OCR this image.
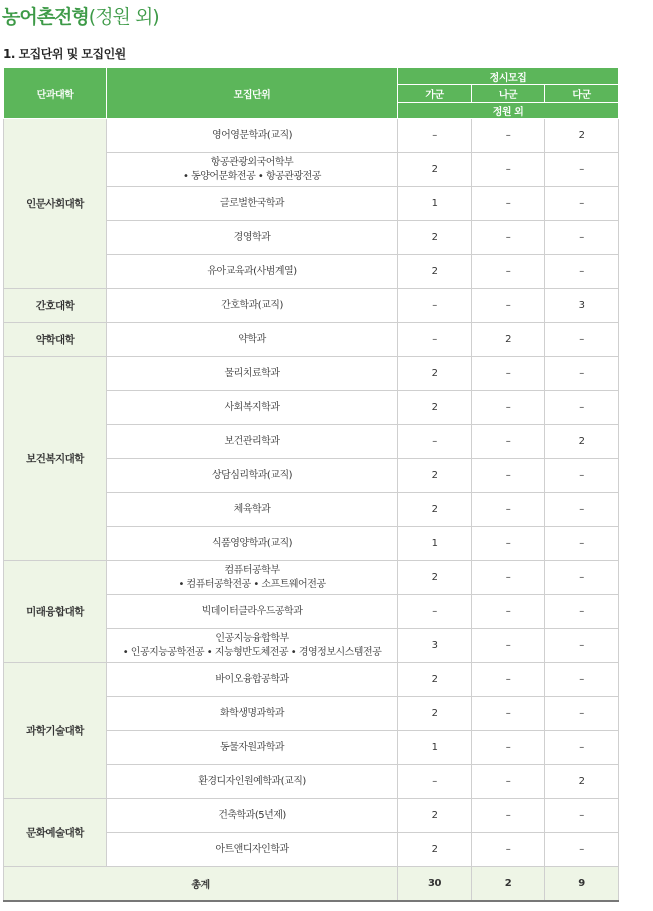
농어촌전형(정원 외)
1. 모집단위 및 모집인원
단과대학	모집단위	정시모집		
		가군	나군	다군
		정원 외		
인문사회대학	영어영문학과(교직)	–	–	2

	항공관광외국어학부
• 동양어문화전공 • 항공관광전공	2	–	–

	글로벌한국학과	1	–	–

	경영학과	2	–	–

	유아교육과(사범계열)	2	–	–
간호대학	간호학과(교직)	–	–	3
약학대학	약학과	–	2	–
보건복지대학	물리치료학과	2	–	–

	사회복지학과	2	–	–

	보건관리학과	–	–	2

	상담심리학과(교직)	2	–	–

	체육학과	2	–	–

	식품영양학과(교직)	1	–	–
미래융합대학	컴퓨터공학부
• 컴퓨터공학전공 • 소프트웨어전공	2	–	–

	빅데이터클라우드공학과	–	–	–

	인공지능융합학부
• 인공지능공학전공 • 지능형반도체전공 • 경영정보시스템전공	3	–	–
과학기술대학	바이오융합공학과	2	–	–

	화학생명과학과	2	–	–

	동물자원과학과	1	–	–

	환경디자인원예학과(교직)	–	–	2
문화예술대학	건축학과(5년제)	2	–	–

	아트앤디자인학과	2	–	–
총계		30	2	9
